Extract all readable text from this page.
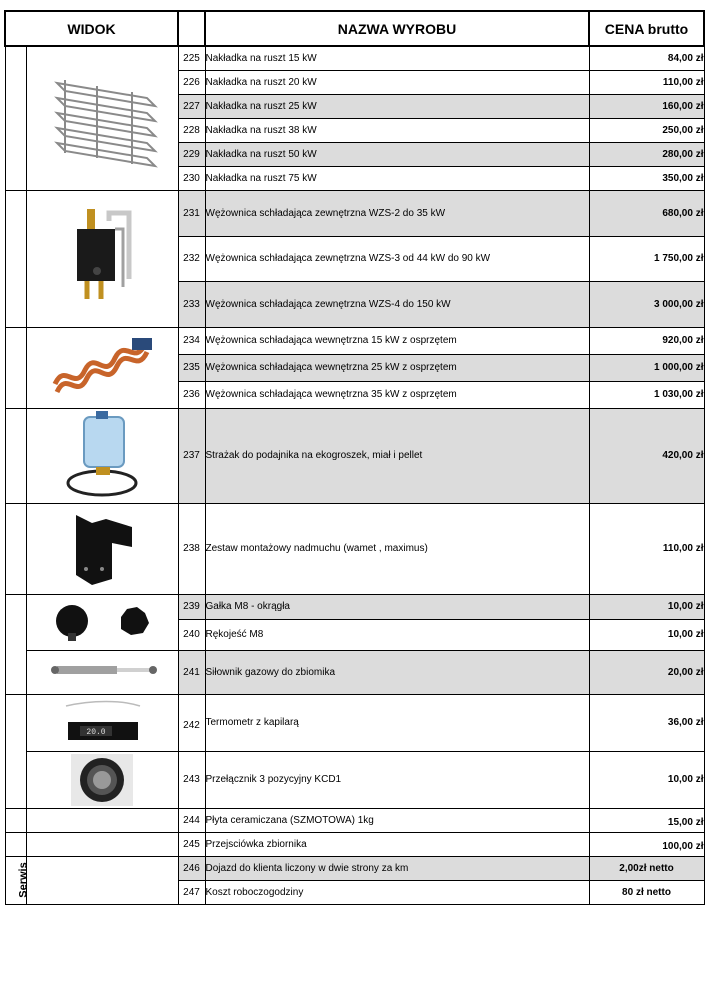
WIDOK			NAZWA WYROBU	CENA brutto

	225	Nakładka na ruszt 15 kW	84,00 zł
		226	Nakładka na ruszt 20 kW	110,00 zł
		227	Nakładka na ruszt 25 kW	160,00 zł
		228	Nakładka na ruszt 38 kW	250,00 zł
		229	Nakładka na ruszt 50 kW	280,00 zł
		230	Nakładka na ruszt 75 kW	350,00 zł

	231	Wężownica schładająca zewnętrzna WZS-2 do 35 kW	680,00 zł
		232	Wężownica schładająca zewnętrzna WZS-3 od 44 kW do 90 kW	1 750,00 zł
		233	Wężownica schładająca zewnętrzna WZS-4 do 150 kW	3 000,00 zł

	234	Wężownica schładająca wewnętrzna 15 kW z osprzętem	920,00 zł
		235	Wężownica schładająca wewnętrzna 25 kW z osprzętem	1 000,00 zł
		236	Wężownica schładająca wewnętrzna 35 kW z osprzętem	1 030,00 zł

	237	Strażak do podajnika na ekogroszek, miał i pellet	420,00 zł

	238	Zestaw montażowy nadmuchu (wamet , maximus)	110,00 zł

	239	Gałka M8 - okrągła	10,00 zł
		240	Rękojeść M8	10,00 zł

	241	Siłownik gazowy do zbiomika	20,00 zł

20.0	242	Termometr z kapilarą	36,00 zł

	243	Przełącznik 3 pozycyjny KCD1	10,00 zł
		244	Płyta ceramiczana (SZMOTOWA) 1kg	15,00 zł
		245	Przejsciówka zbiornika	100,00 zł
Serwis		246	Dojazd do klienta liczony w dwie strony za km	2,00zł netto
		247	Koszt roboczogodziny	80 zł netto
